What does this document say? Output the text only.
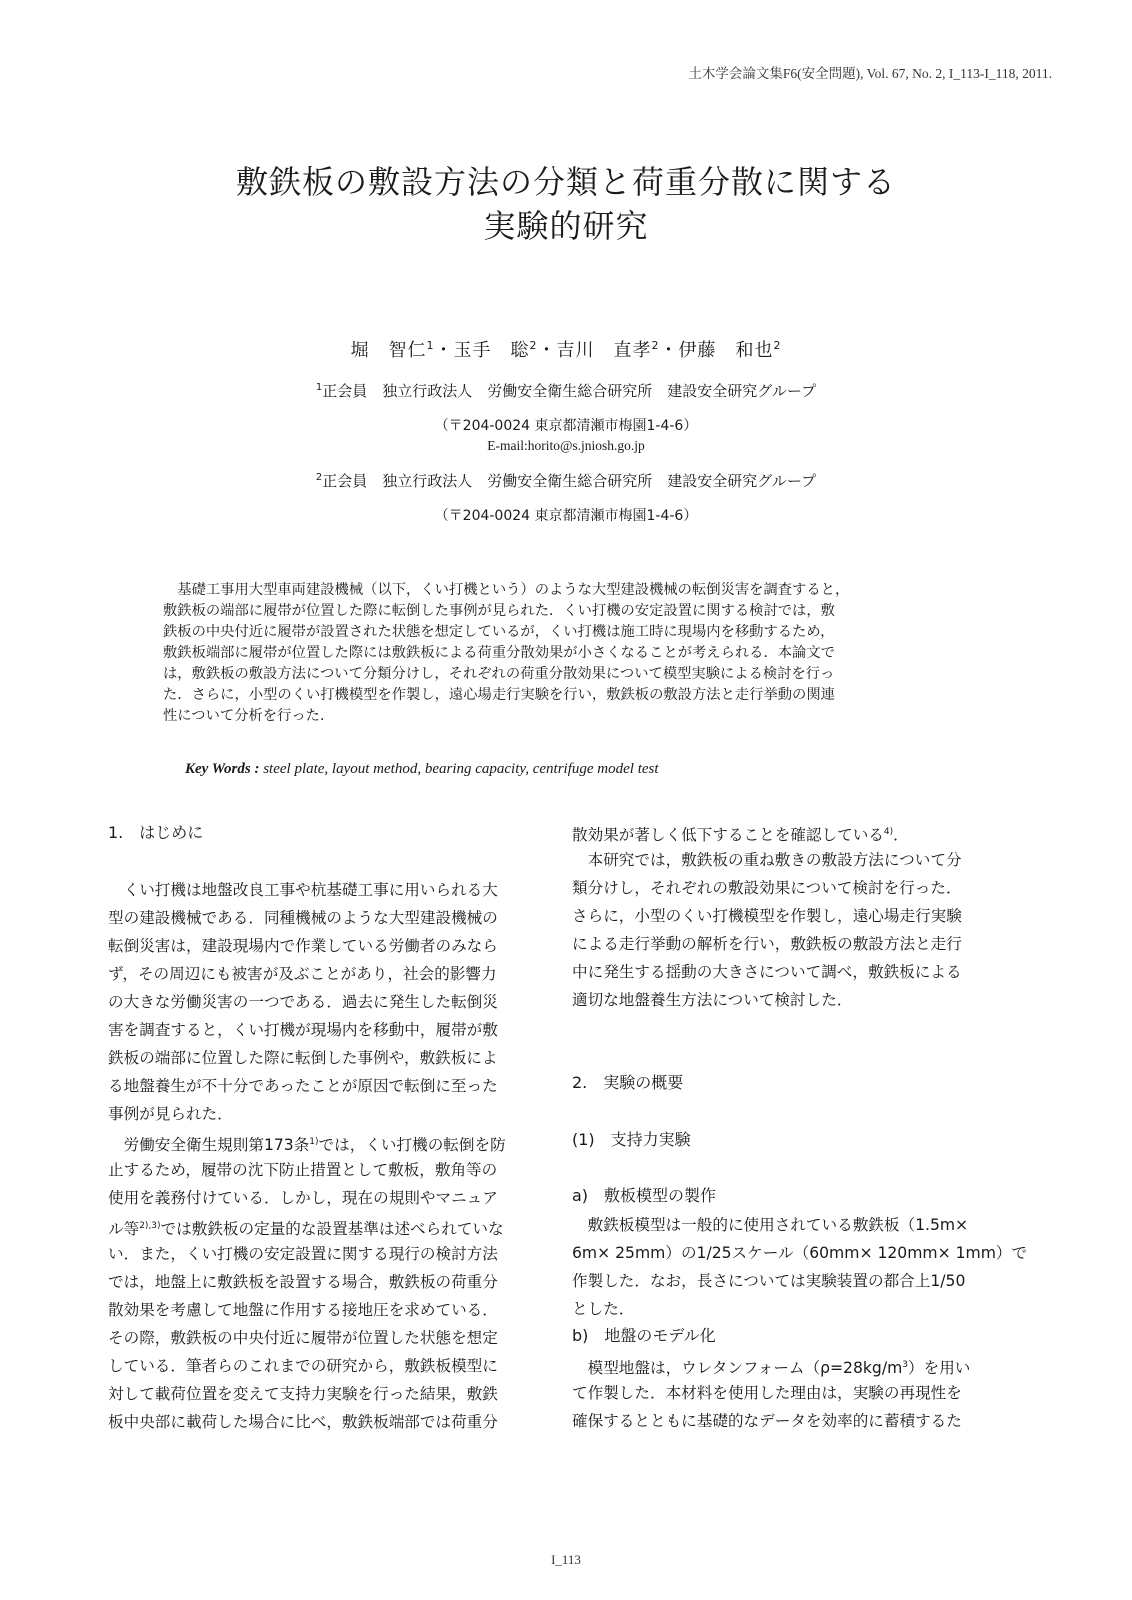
土木学会論文集F6(安全問題), Vol. 67, No. 2, I_113-I_118, 2011.
敷鉄板の敷設方法の分類と荷重分散に関する
実験的研究
堀　智仁$^1$・玉手　聡$^2$・吉川　直孝$^2$・伊藤　和也$^2$
$^1$正会員　独立行政法人　労働安全衛生総合研究所　建設安全研究グループ
（〒204-0024 東京都清瀬市梅園1-4-6）
E-mail:horito@s.jniosh.go.jp
$^2$正会員　独立行政法人　労働安全衛生総合研究所　建設安全研究グループ
（〒204-0024 東京都清瀬市梅園1-4-6）
　基礎工事用大型車両建設機械（以下，くい打機という）のような大型建設機械の転倒災害を調査すると，
敷鉄板の端部に履帯が位置した際に転倒した事例が見られた．くい打機の安定設置に関する検討では，敷
鉄板の中央付近に履帯が設置された状態を想定しているが，くい打機は施工時に現場内を移動するため，
敷鉄板端部に履帯が位置した際には敷鉄板による荷重分散効果が小さくなることが考えられる．本論文で
は，敷鉄板の敷設方法について分類分けし，それぞれの荷重分散効果について模型実験による検討を行っ
た．さらに，小型のくい打機模型を作製し，遠心場走行実験を行い，敷鉄板の敷設方法と走行挙動の関連
性について分析を行った．
Key Words : steel plate, layout method, bearing capacity, centrifuge model test
1.　はじめに
　くい打機は地盤改良工事や杭基礎工事に用いられる大
型の建設機械である．同種機械のような大型建設機械の
転倒災害は，建設現場内で作業している労働者のみなら
ず，その周辺にも被害が及ぶことがあり，社会的影響力
の大きな労働災害の一つである．過去に発生した転倒災
害を調査すると，くい打機が現場内を移動中，履帯が敷
鉄板の端部に位置した際に転倒した事例や，敷鉄板によ
る地盤養生が不十分であったことが原因で転倒に至った
事例が見られた．
　労働安全衛生規則第173条$^{1)}$では，くい打機の転倒を防
止するため，履帯の沈下防止措置として敷板，敷角等の
使用を義務付けている．しかし，現在の規則やマニュア
ル等$^{2),3)}$では敷鉄板の定量的な設置基準は述べられていな
い．また，くい打機の安定設置に関する現行の検討方法
では，地盤上に敷鉄板を設置する場合，敷鉄板の荷重分
散効果を考慮して地盤に作用する接地圧を求めている．
その際，敷鉄板の中央付近に履帯が位置した状態を想定
している．筆者らのこれまでの研究から，敷鉄板模型に
対して載荷位置を変えて支持力実験を行った結果，敷鉄
板中央部に載荷した場合に比べ，敷鉄板端部では荷重分
散効果が著しく低下することを確認している$^{4)}$．
　本研究では，敷鉄板の重ね敷きの敷設方法について分
類分けし，それぞれの敷設効果について検討を行った．
さらに，小型のくい打機模型を作製し，遠心場走行実験
による走行挙動の解析を行い，敷鉄板の敷設方法と走行
中に発生する揺動の大きさについて調べ，敷鉄板による
適切な地盤養生方法について検討した．
2.　実験の概要
(1)　支持力実験
a)　敷板模型の製作
　敷鉄板模型は一般的に使用されている敷鉄板（1.5m×
6m× 25mm）の1/25スケール（60mm× 120mm× 1mm）で
作製した．なお，長さについては実験装置の都合上1/50
とした．
b)　地盤のモデル化
　模型地盤は，ウレタンフォーム$(\rho=28kg/m^3)$を用い
て作製した．本材料を使用した理由は，実験の再現性を
確保するとともに基礎的なデータを効率的に蓄積するた
I_113
